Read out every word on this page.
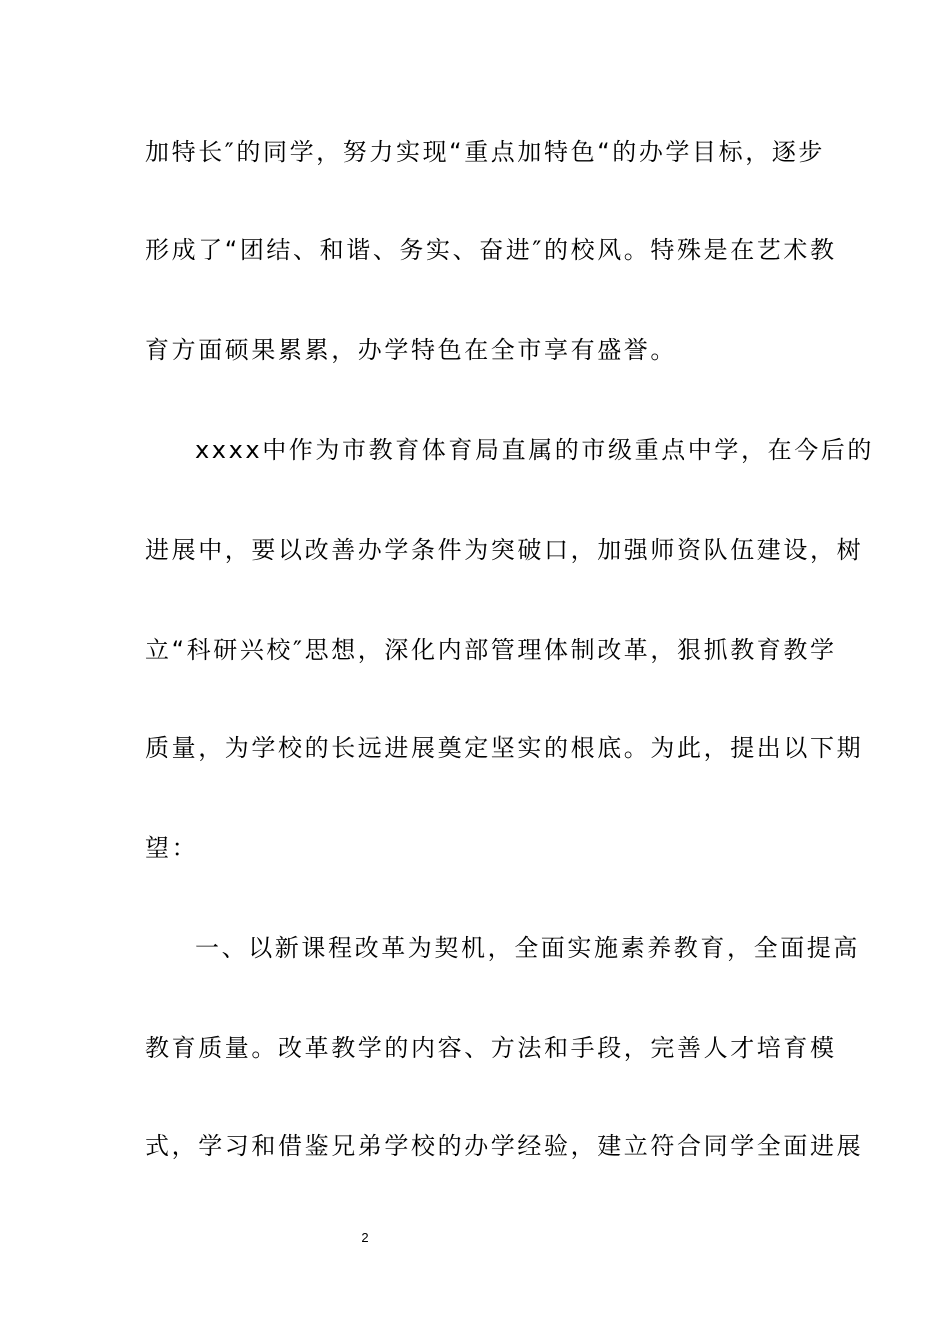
加特长″的同学，努力实现“重点加特色“的办学目标，逐步
形成了“团结、和谐、务实、奋进″的校风。特殊是在艺术教
育方面硕果累累，办学特色在全市享有盛誉。
xxxx中作为市教育体育局直属的市级重点中学，在今后的
进展中，要以改善办学条件为突破口，加强师资队伍建设，树
立“科研兴校″思想，深化内部管理体制改革，狠抓教育教学
质量，为学校的长远进展奠定坚实的根底。为此，提出以下期
望：
一、以新课程改革为契机，全面实施素养教育，全面提高
教育质量。改革教学的内容、方法和手段，完善人才培育模
式，学习和借鉴兄弟学校的办学经验，建立符合同学全面进展
2
